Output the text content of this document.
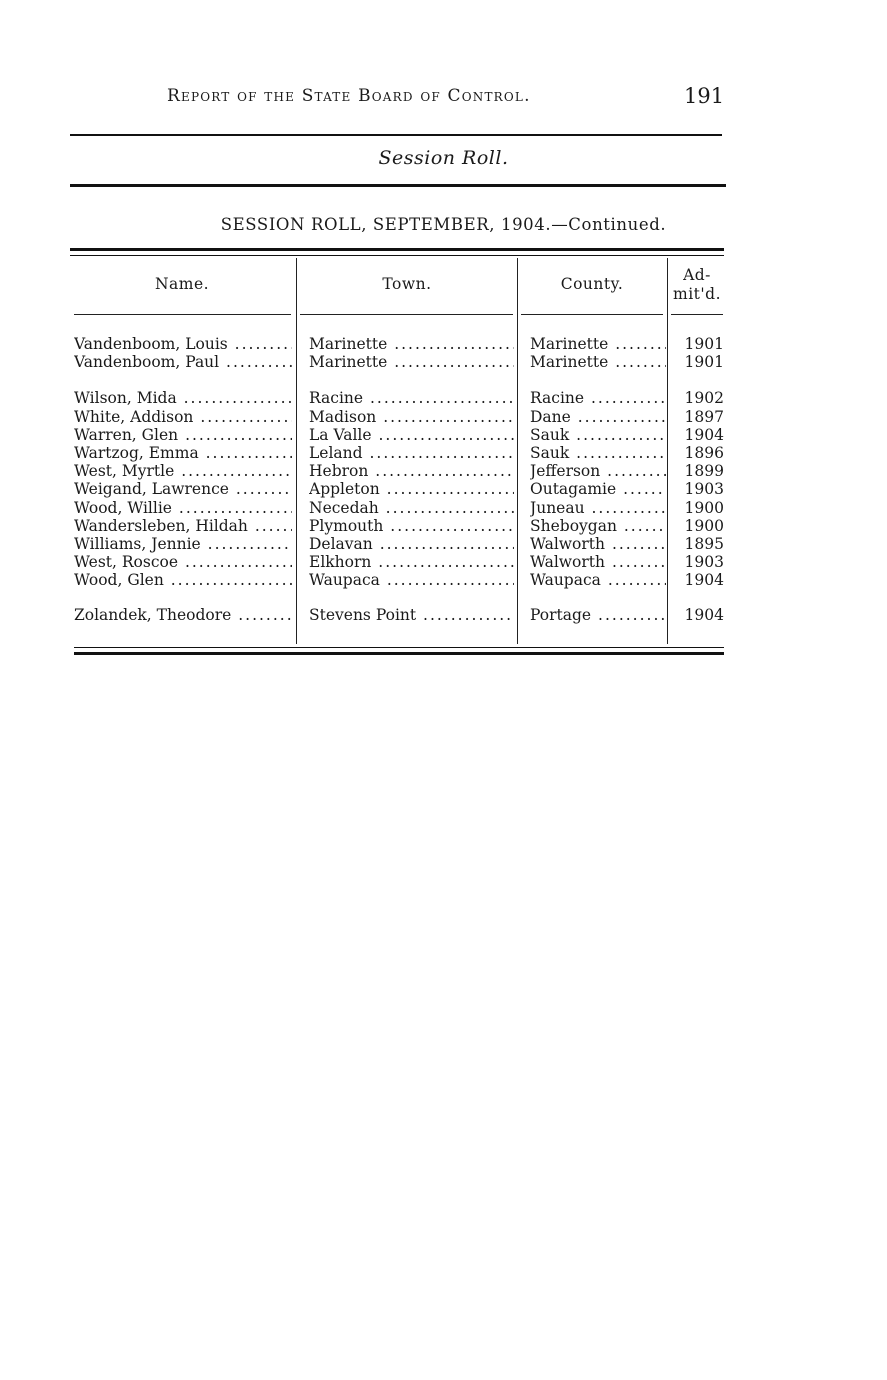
Report of the State Board of Control.	191
Session Roll.
SESSION ROLL, SEPTEMBER, 1904.—Continued.
Name.	Town.	County.	Ad-
mit'd.
Vandenboom, Louis .....	Marinette .....	Marinette .....	1901
Vandenboom, Paul .....	Marinette .....	Marinette .....	1901
Wilson, Mida .....	Racine .....	Racine .....	1902
White, Addison .....	Madison .....	Dane .....	1897
Warren, Glen .....	La Valle .....	Sauk .....	1904
Wartzog, Emma .....	Leland .....	Sauk .....	1896
West, Myrtle .....	Hebron .....	Jefferson .....	1899
Weigand, Lawrence .....	Appleton .....	Outagamie .....	1903
Wood, Willie .....	Necedah .....	Juneau .....	1900
Wandersleben, Hildah .....	Plymouth .....	Sheboygan .....	1900
Williams, Jennie .....	Delavan .....	Walworth .....	1895
West, Roscoe .....	Elkhorn .....	Walworth .....	1903
Wood, Glen .....	Waupaca .....	Waupaca .....	1904
Zolandek, Theodore .....	Stevens Point .....	Portage .....	1904
